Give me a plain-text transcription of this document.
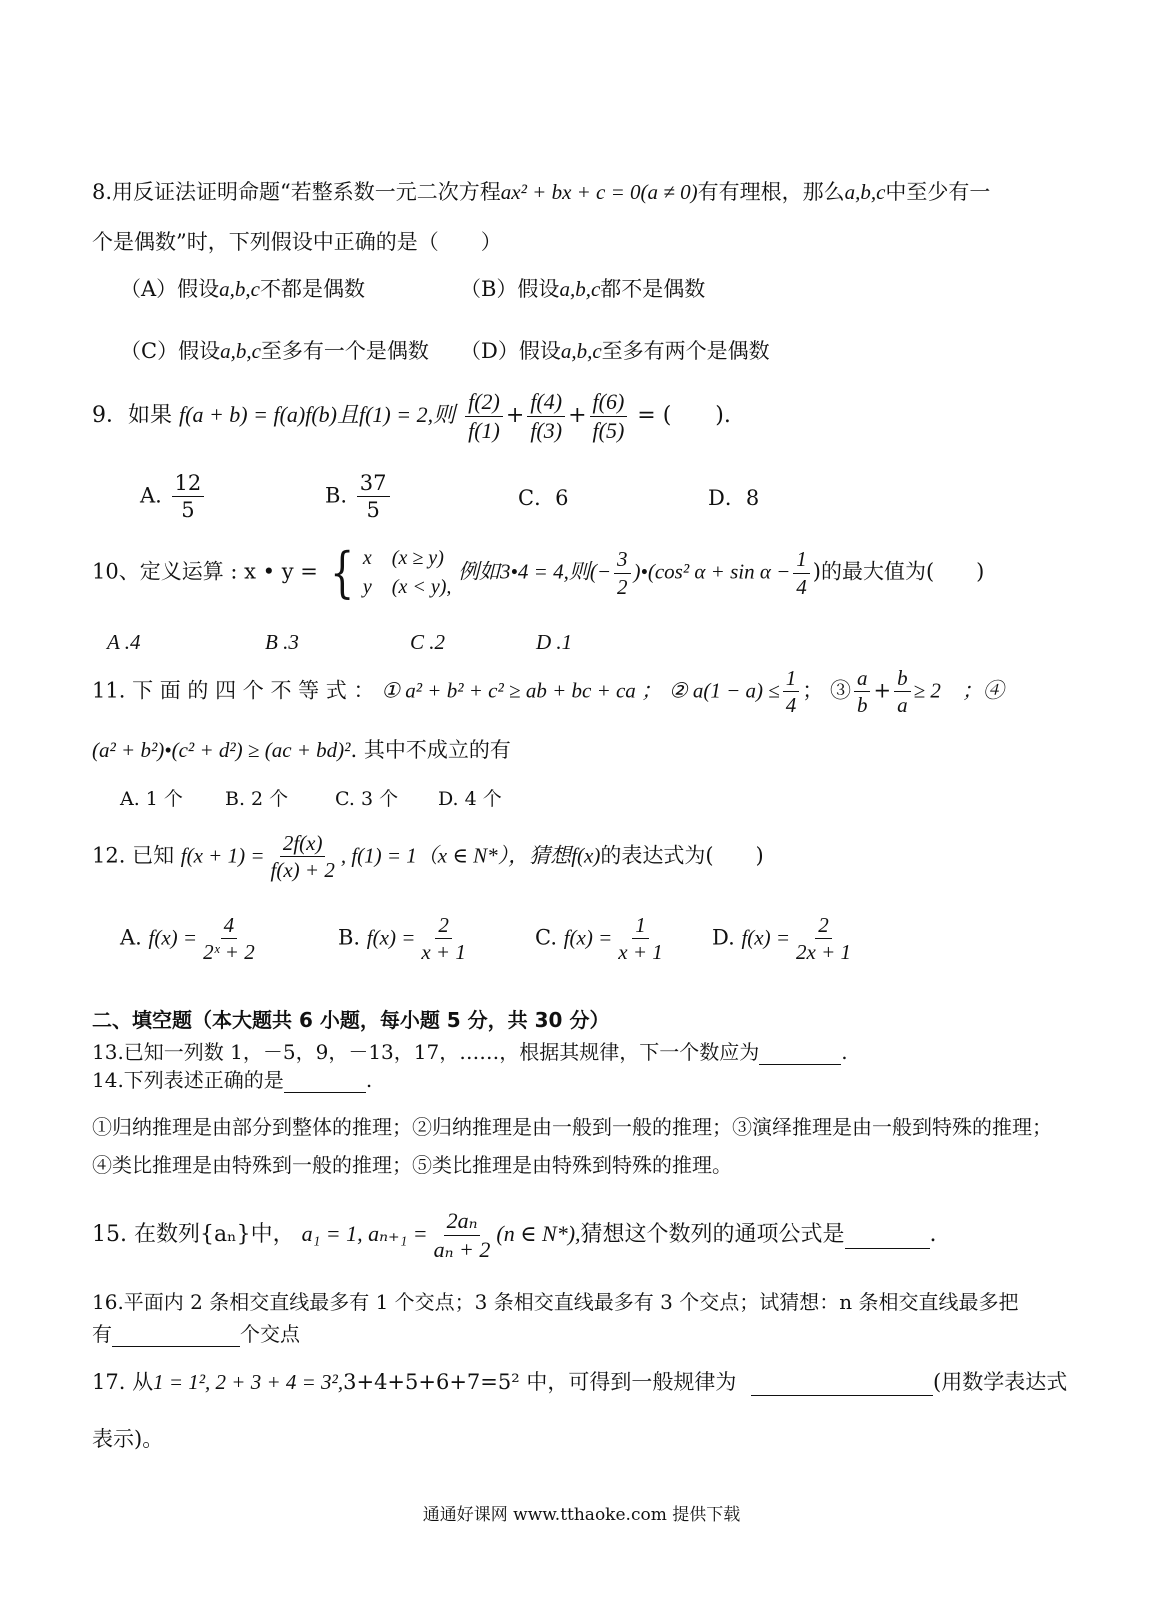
8.用反证法证明命题“若整系数一元二次方程ax² + bx + c = 0(a ≠ 0)有有理根，那么a,b,c中至少有一
个是偶数”时，下列假设中正确的是（　　）
（A）假设a,b,c不都是偶数	（B）假设a,b,c都不是偶数
（C）假设a,b,c至多有一个是偶数	（D）假设a,b,c至多有两个是偶数
9．如果 f(a + b) = f(a)f(b)且f(1) = 2,则 $\frac{f(2)}{f(1)} + \frac{f(4)}{f(3)} + \frac{f(6)}{f(5)}$ = (　　).
A. $\frac{12}{5}$	B. $\frac{37}{5}$	C．6	D．8
10、定义运算 : x • y = { x　(x ≥ y)
y　(x < y),
例如3•4 = 4,则(− $\frac{3}{2}$ )•(cos² $\alpha + \sin \alpha - \frac{1}{4}$ )的最大值为(　　)
A .4	B .3	C .2	D .1
11. 下 面 的 四 个 不 等 式 ： ① a² + b² + c² ≥ ab + bc + ca ； ② $a(1 - a) \le \frac{1}{4}$ ； ③ $\frac{a}{b} + \frac{b}{a} \ge 2$　；④
(a² + b²)•(c² + d²) ≥ (ac + bd)². 其中不成立的有
A. 1 个	B. 2 个	C. 3 个	D. 4 个
12. 已知 $f(x + 1) = \frac{2f(x)}{f(x) + 2}$ , f(1) = 1（x ∈ N*），猜想f(x)的表达式为(　　)
A. $f(x) = \frac{4}{\text{2ˣ + 2}}$	B. $f(x) = \frac{2}{x + 1}$	C. $f(x) = \frac{1}{x + 1} D$. $f(x) = \frac{2}{2x + 1}$
二、填空题（本大题共 6 小题，每小题 5 分，共 30 分）
13.已知一列数 1，－5，9，－13，17，……，根据其规律，下一个数应为	.
14.下列表述正确的是	.
①归纳推理是由部分到整体的推理；②归纳推理是由一般到一般的推理；③演绎推理是由一般到特殊的推理；④类比推理是由特殊到一般的推理；⑤类比推理是由特殊到特殊的推理。
15. 在数列{aₙ}中， a₁ = 1, $a_{n+1} = \frac{\text{2aₙ}}{\text{aₙ + 2}} (n$ ∈ N*),猜想这个数列的通项公式是	.
16.平面内 2 条相交直线最多有 1 个交点；3 条相交直线最多有 3 个交点；试猜想：n 条相交直线最多把
有	个交点
17. 从1 = 1², 2 + 3 + 4 = 3²,3+4+5+6+7=5² 中，可得到一般规律为	(用数学表达式
表示)。
通通好课网 www.tthaoke.com 提供下载
